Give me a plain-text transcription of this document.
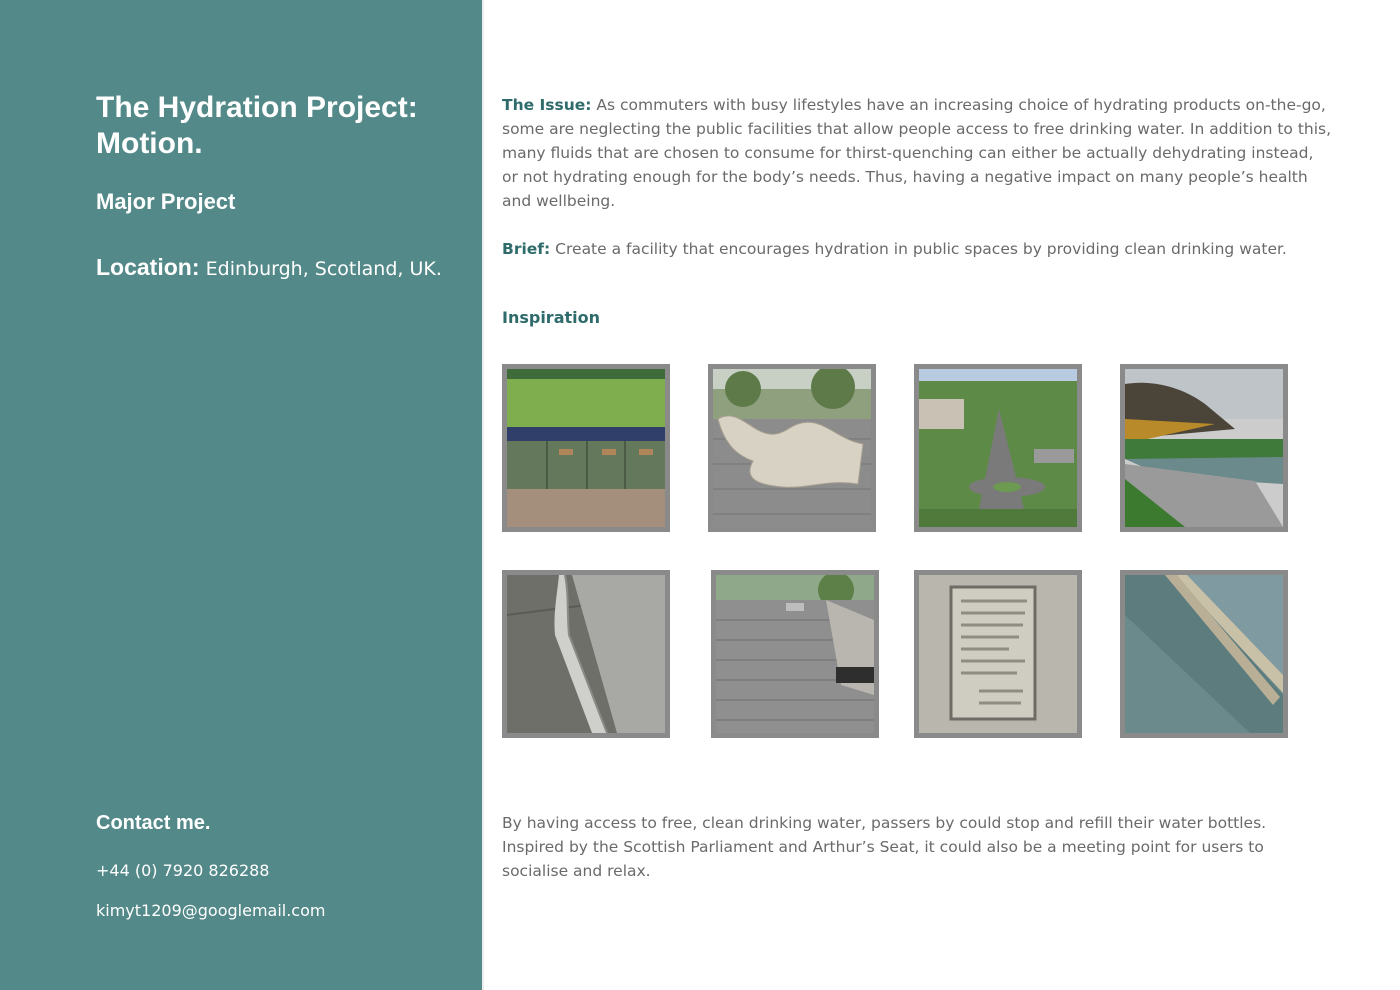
The Hydration Project: Motion.
Major Project
Location: Edinburgh, Scotland, UK.
Contact me.
+44 (0) 7920 826288
kimyt1209@googlemail.com
The Issue: As commuters with busy lifestyles have an increasing choice of hydrating products on-the-go, some are neglecting the public facilities that allow people access to free drinking water. In addition to this, many fluids that are chosen to consume for thirst-quenching can either be actually dehydrating instead, or not hydrating enough for the body’s needs. Thus, having a negative impact on many people’s health and wellbeing.
Brief: Create a facility that encourages hydration in public spaces by providing clean drinking water.
Inspiration
By having access to free, clean drinking water, passers by could stop and refill their water bottles. Inspired by the Scottish Parliament and Arthur’s Seat, it could also be a meeting point for users to socialise and relax.
